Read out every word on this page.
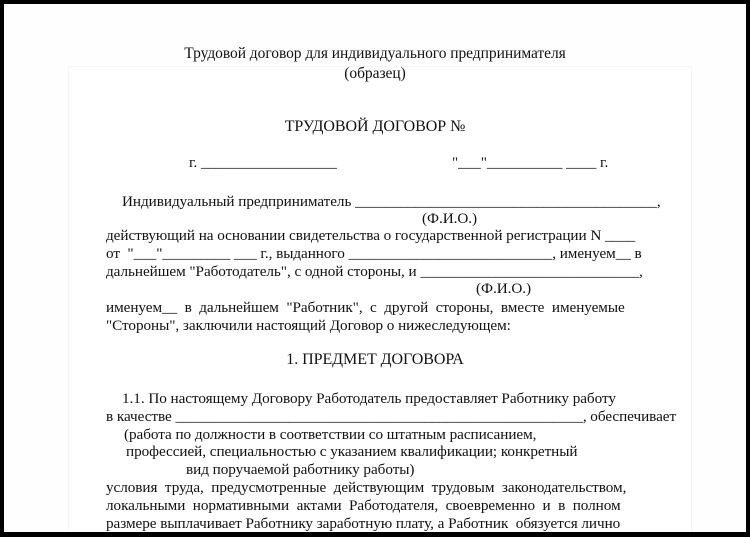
Трудовой договор для индивидуального предпринимателя
(образец)
ТРУДОВОЙ ДОГОВОР №
г. __________________	"___"__________ ____ г.
Индивидуальный предприниматель ________________________________________,
(Ф.И.О.)
действующий на основании свидетельства о государственной регистрации N ____
от  "___"_________ ___ г., выданного ___________________________, именуем__ в
дальнейшем "Работодатель", с одной стороны, и _____________________________,
(Ф.И.О.)
именуем__  в  дальнейшем  "Работник",  с  другой  стороны,  вместе  именуемые
"Стороны", заключили настоящий Договор о нижеследующем:
1. ПРЕДМЕТ ДОГОВОРА
1.1. По настоящему Договору Работодатель предоставляет Работнику работу
в качестве ______________________________________________________, обеспечивает
(работа по должности в соответствии со штатным расписанием,
профессией, специальностью с указанием квалификации; конкретный
вид поручаемой работнику работы)
условия  труда,  предусмотренные  действующим  трудовым  законодательством,
локальными  нормативными  актами  Работодателя,  своевременно  и  в  полном
размере выплачивает Работнику заработную плату, а Работник  обязуется лично
